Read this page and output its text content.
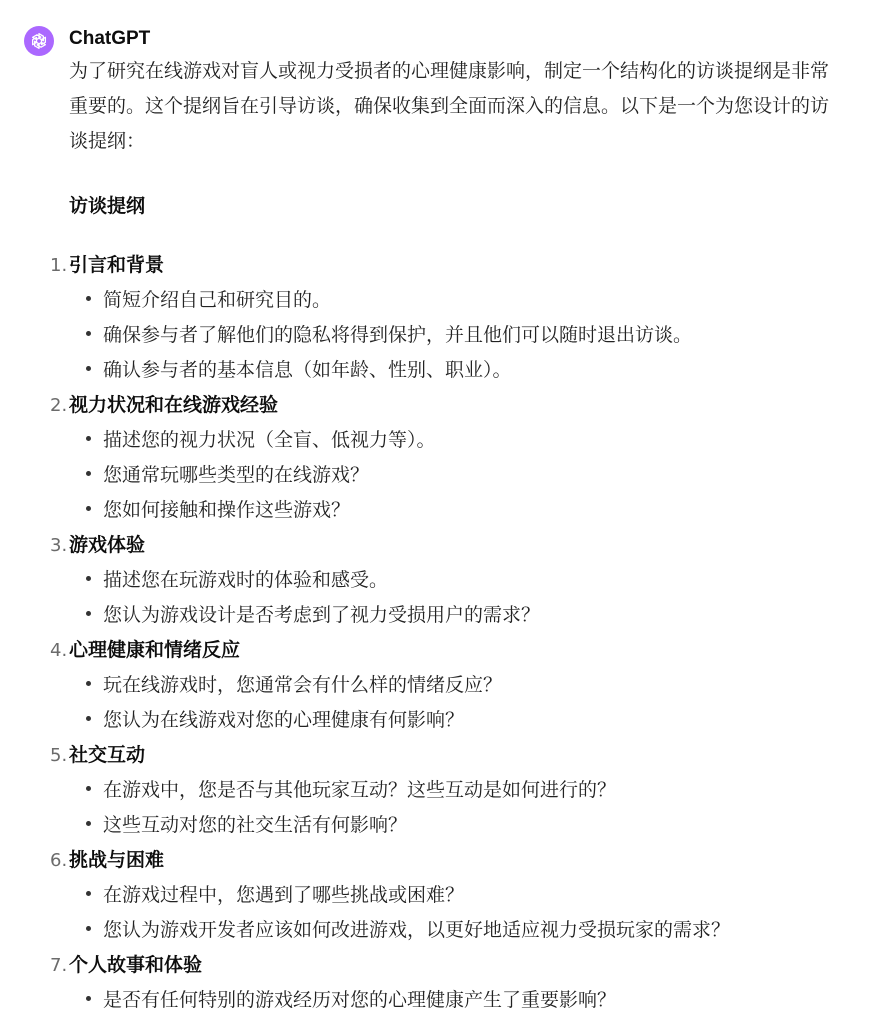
ChatGPT

为了研究在线游戏对盲人或视力受损者的心理健康影响，制定一个结构化的访谈提纲是非常重要的。这个提纲旨在引导访谈，确保收集到全面而深入的信息。以下是一个为您设计的访谈提纲：

访谈提纲
1. 引言和背景
简短介绍自己和研究目的。
确保参与者了解他们的隐私将得到保护，并且他们可以随时退出访谈。
确认参与者的基本信息（如年龄、性别、职业）。
2. 视力状况和在线游戏经验
描述您的视力状况（全盲、低视力等）。
您通常玩哪些类型的在线游戏？
您如何接触和操作这些游戏？
3. 游戏体验
描述您在玩游戏时的体验和感受。
您认为游戏设计是否考虑到了视力受损用户的需求？
4. 心理健康和情绪反应
玩在线游戏时，您通常会有什么样的情绪反应？
您认为在线游戏对您的心理健康有何影响？
5. 社交互动
在游戏中，您是否与其他玩家互动？这些互动是如何进行的？
这些互动对您的社交生活有何影响？
6. 挑战与困难
在游戏过程中，您遇到了哪些挑战或困难？
您认为游戏开发者应该如何改进游戏，以更好地适应视力受损玩家的需求？
7. 个人故事和体验
是否有任何特别的游戏经历对您的心理健康产生了重要影响？
